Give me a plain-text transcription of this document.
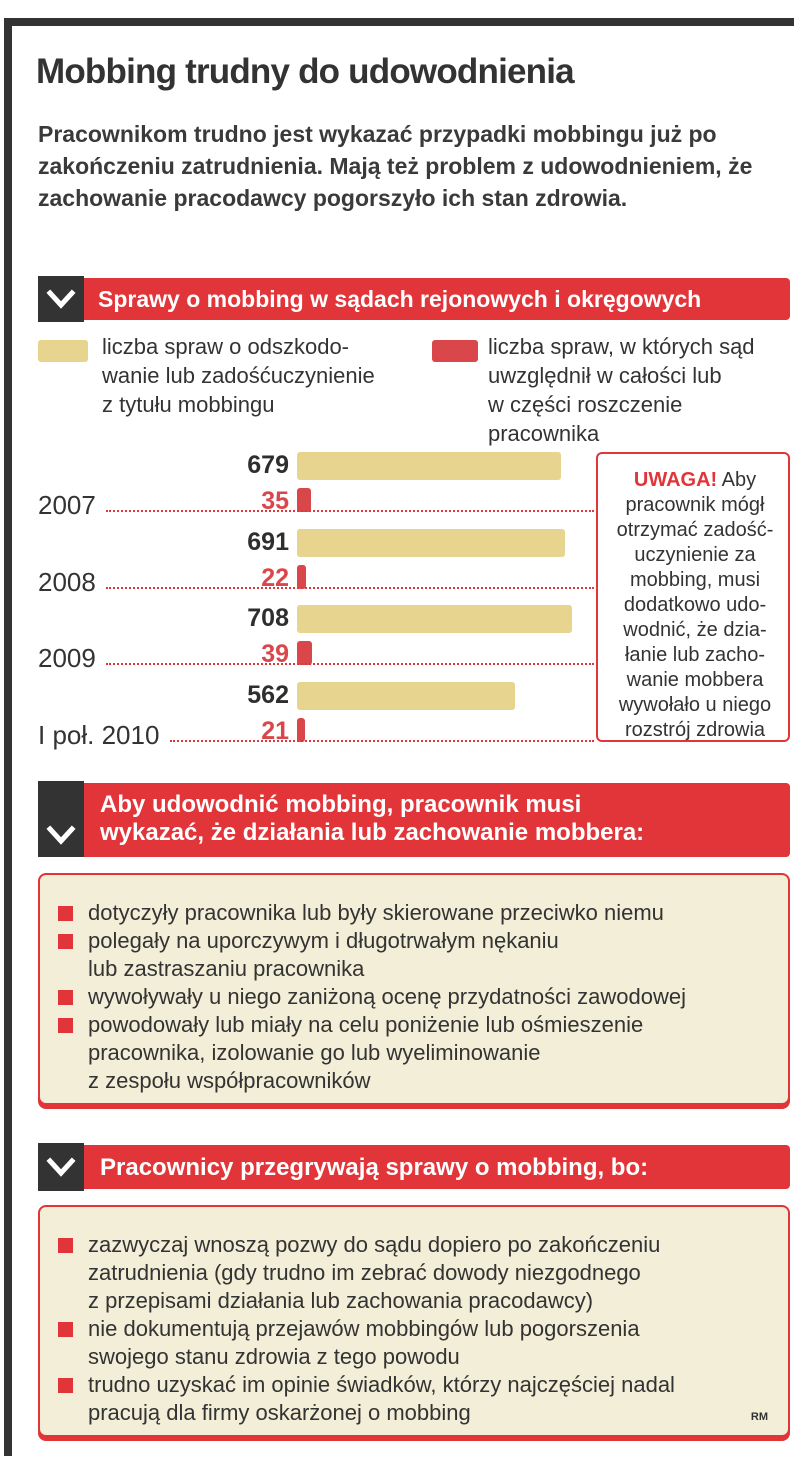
Mobbing trudny do udowodnienia

Pracownikom trudno jest wykazać przypadki mobbingu już po zakończeniu zatrudnienia. Mają też problem z udowodnieniem, że zachowanie pracodawcy pogorszyło ich stan zdrowia.

Sprawy o mobbing w sądach rejonowych i okręgowych
liczba spraw o odszkodo-
wanie lub zadośćuczynienie
z tytułu mobbingu
liczba spraw, w których sąd
uwzględnił w całości lub
w części roszczenie
pracownika
679
35
2007
691
22
2008
708
39
2009
562
21
I poł. 2010
UWAGA! Aby
pracownik mógł
otrzymać zadość-
uczynienie za
mobbing, musi
dodatkowo udo-
wodnić, że dzia-
łanie lub zacho-
wanie mobbera
wywołało u niego
rozstrój zdrowia
Aby udowodnić mobbing, pracownik musi
wykazać, że działania lub zachowanie mobbera:
dotyczyły pracownika lub były skierowane przeciwko niemu
polegały na uporczywym i długotrwałym nękaniu
lub zastraszaniu pracownika
wywoływały u niego zaniżoną ocenę przydatności zawodowej
powodowały lub miały na celu poniżenie lub ośmieszenie
pracownika, izolowanie go lub wyeliminowanie
z zespołu współpracowników
Pracownicy przegrywają sprawy o mobbing, bo:
zazwyczaj wnoszą pozwy do sądu dopiero po zakończeniu
zatrudnienia (gdy trudno im zebrać dowody niezgodnego
z przepisami działania lub zachowania pracodawcy)
nie dokumentują przejawów mobbingów lub pogorszenia
swojego stanu zdrowia z tego powodu
trudno uzyskać im opinie świadków, którzy najczęściej nadal
pracują dla firmy oskarżonej o mobbing	RM
